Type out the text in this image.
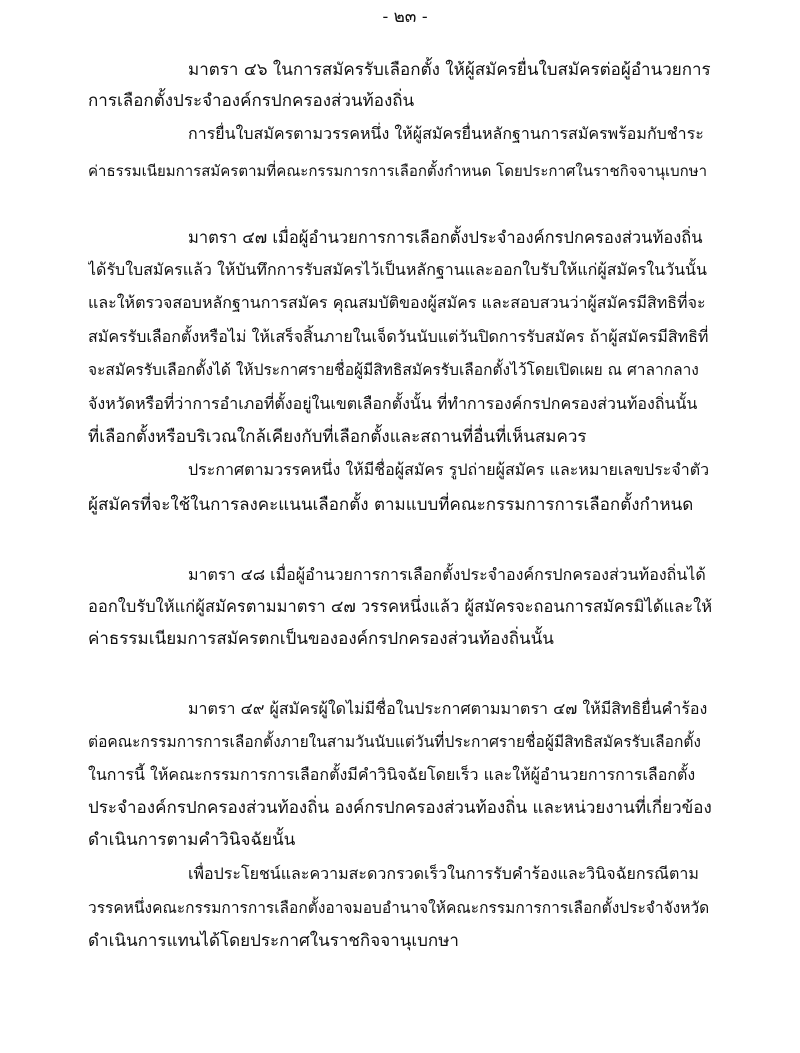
- ๒๓ -
มาตรา ๔๖ ในการสมัครรับเลือกตั้ง ให้ผู้สมัครยื่นใบสมัครต่อผู้อำนวยการ
การเลือกตั้งประจำองค์กรปกครองส่วนท้องถิ่น
การยื่นใบสมัครตามวรรคหนึ่ง ให้ผู้สมัครยื่นหลักฐานการสมัครพร้อมกับชำระ
ค่าธรรมเนียมการสมัครตามที่คณะกรรมการการเลือกตั้งกำหนด โดยประกาศในราชกิจจานุเบกษา
มาตรา ๔๗ เมื่อผู้อำนวยการการเลือกตั้งประจำองค์กรปกครองส่วนท้องถิ่น
ได้รับใบสมัครแล้ว ให้บันทึกการรับสมัครไว้เป็นหลักฐานและออกใบรับให้แก่ผู้สมัครในวันนั้น
และให้ตรวจสอบหลักฐานการสมัคร คุณสมบัติของผู้สมัคร และสอบสวนว่าผู้สมัครมีสิทธิที่จะ
สมัครรับเลือกตั้งหรือไม่ ให้เสร็จสิ้นภายในเจ็ดวันนับแต่วันปิดการรับสมัคร ถ้าผู้สมัครมีสิทธิที่
จะสมัครรับเลือกตั้งได้ ให้ประกาศรายชื่อผู้มีสิทธิสมัครรับเลือกตั้งไว้โดยเปิดเผย ณ ศาลากลาง
จังหวัดหรือที่ว่าการอำเภอที่ตั้งอยู่ในเขตเลือกตั้งนั้น ที่ทำการองค์กรปกครองส่วนท้องถิ่นนั้น
ที่เลือกตั้งหรือบริเวณใกล้เคียงกับที่เลือกตั้งและสถานที่อื่นที่เห็นสมควร
ประกาศตามวรรคหนึ่ง ให้มีชื่อผู้สมัคร รูปถ่ายผู้สมัคร และหมายเลขประจำตัว
ผู้สมัครที่จะใช้ในการลงคะแนนเลือกตั้ง ตามแบบที่คณะกรรมการการเลือกตั้งกำหนด
มาตรา ๔๘ เมื่อผู้อำนวยการการเลือกตั้งประจำองค์กรปกครองส่วนท้องถิ่นได้
ออกใบรับให้แก่ผู้สมัครตามมาตรา ๔๗ วรรคหนึ่งแล้ว ผู้สมัครจะถอนการสมัครมิได้และให้
ค่าธรรมเนียมการสมัครตกเป็นขององค์กรปกครองส่วนท้องถิ่นนั้น
มาตรา ๔๙ ผู้สมัครผู้ใดไม่มีชื่อในประกาศตามมาตรา ๔๗ ให้มีสิทธิยื่นคำร้อง
ต่อคณะกรรมการการเลือกตั้งภายในสามวันนับแต่วันที่ประกาศรายชื่อผู้มีสิทธิสมัครรับเลือกตั้ง
ในการนี้ ให้คณะกรรมการการเลือกตั้งมีคำวินิจฉัยโดยเร็ว และให้ผู้อำนวยการการเลือกตั้ง
ประจำองค์กรปกครองส่วนท้องถิ่น องค์กรปกครองส่วนท้องถิ่น และหน่วยงานที่เกี่ยวข้อง
ดำเนินการตามคำวินิจฉัยนั้น
เพื่อประโยชน์และความสะดวกรวดเร็วในการรับคำร้องและวินิจฉัยกรณีตาม
วรรคหนึ่งคณะกรรมการการเลือกตั้งอาจมอบอำนาจให้คณะกรรมการการเลือกตั้งประจำจังหวัด
ดำเนินการแทนได้โดยประกาศในราชกิจจานุเบกษา
